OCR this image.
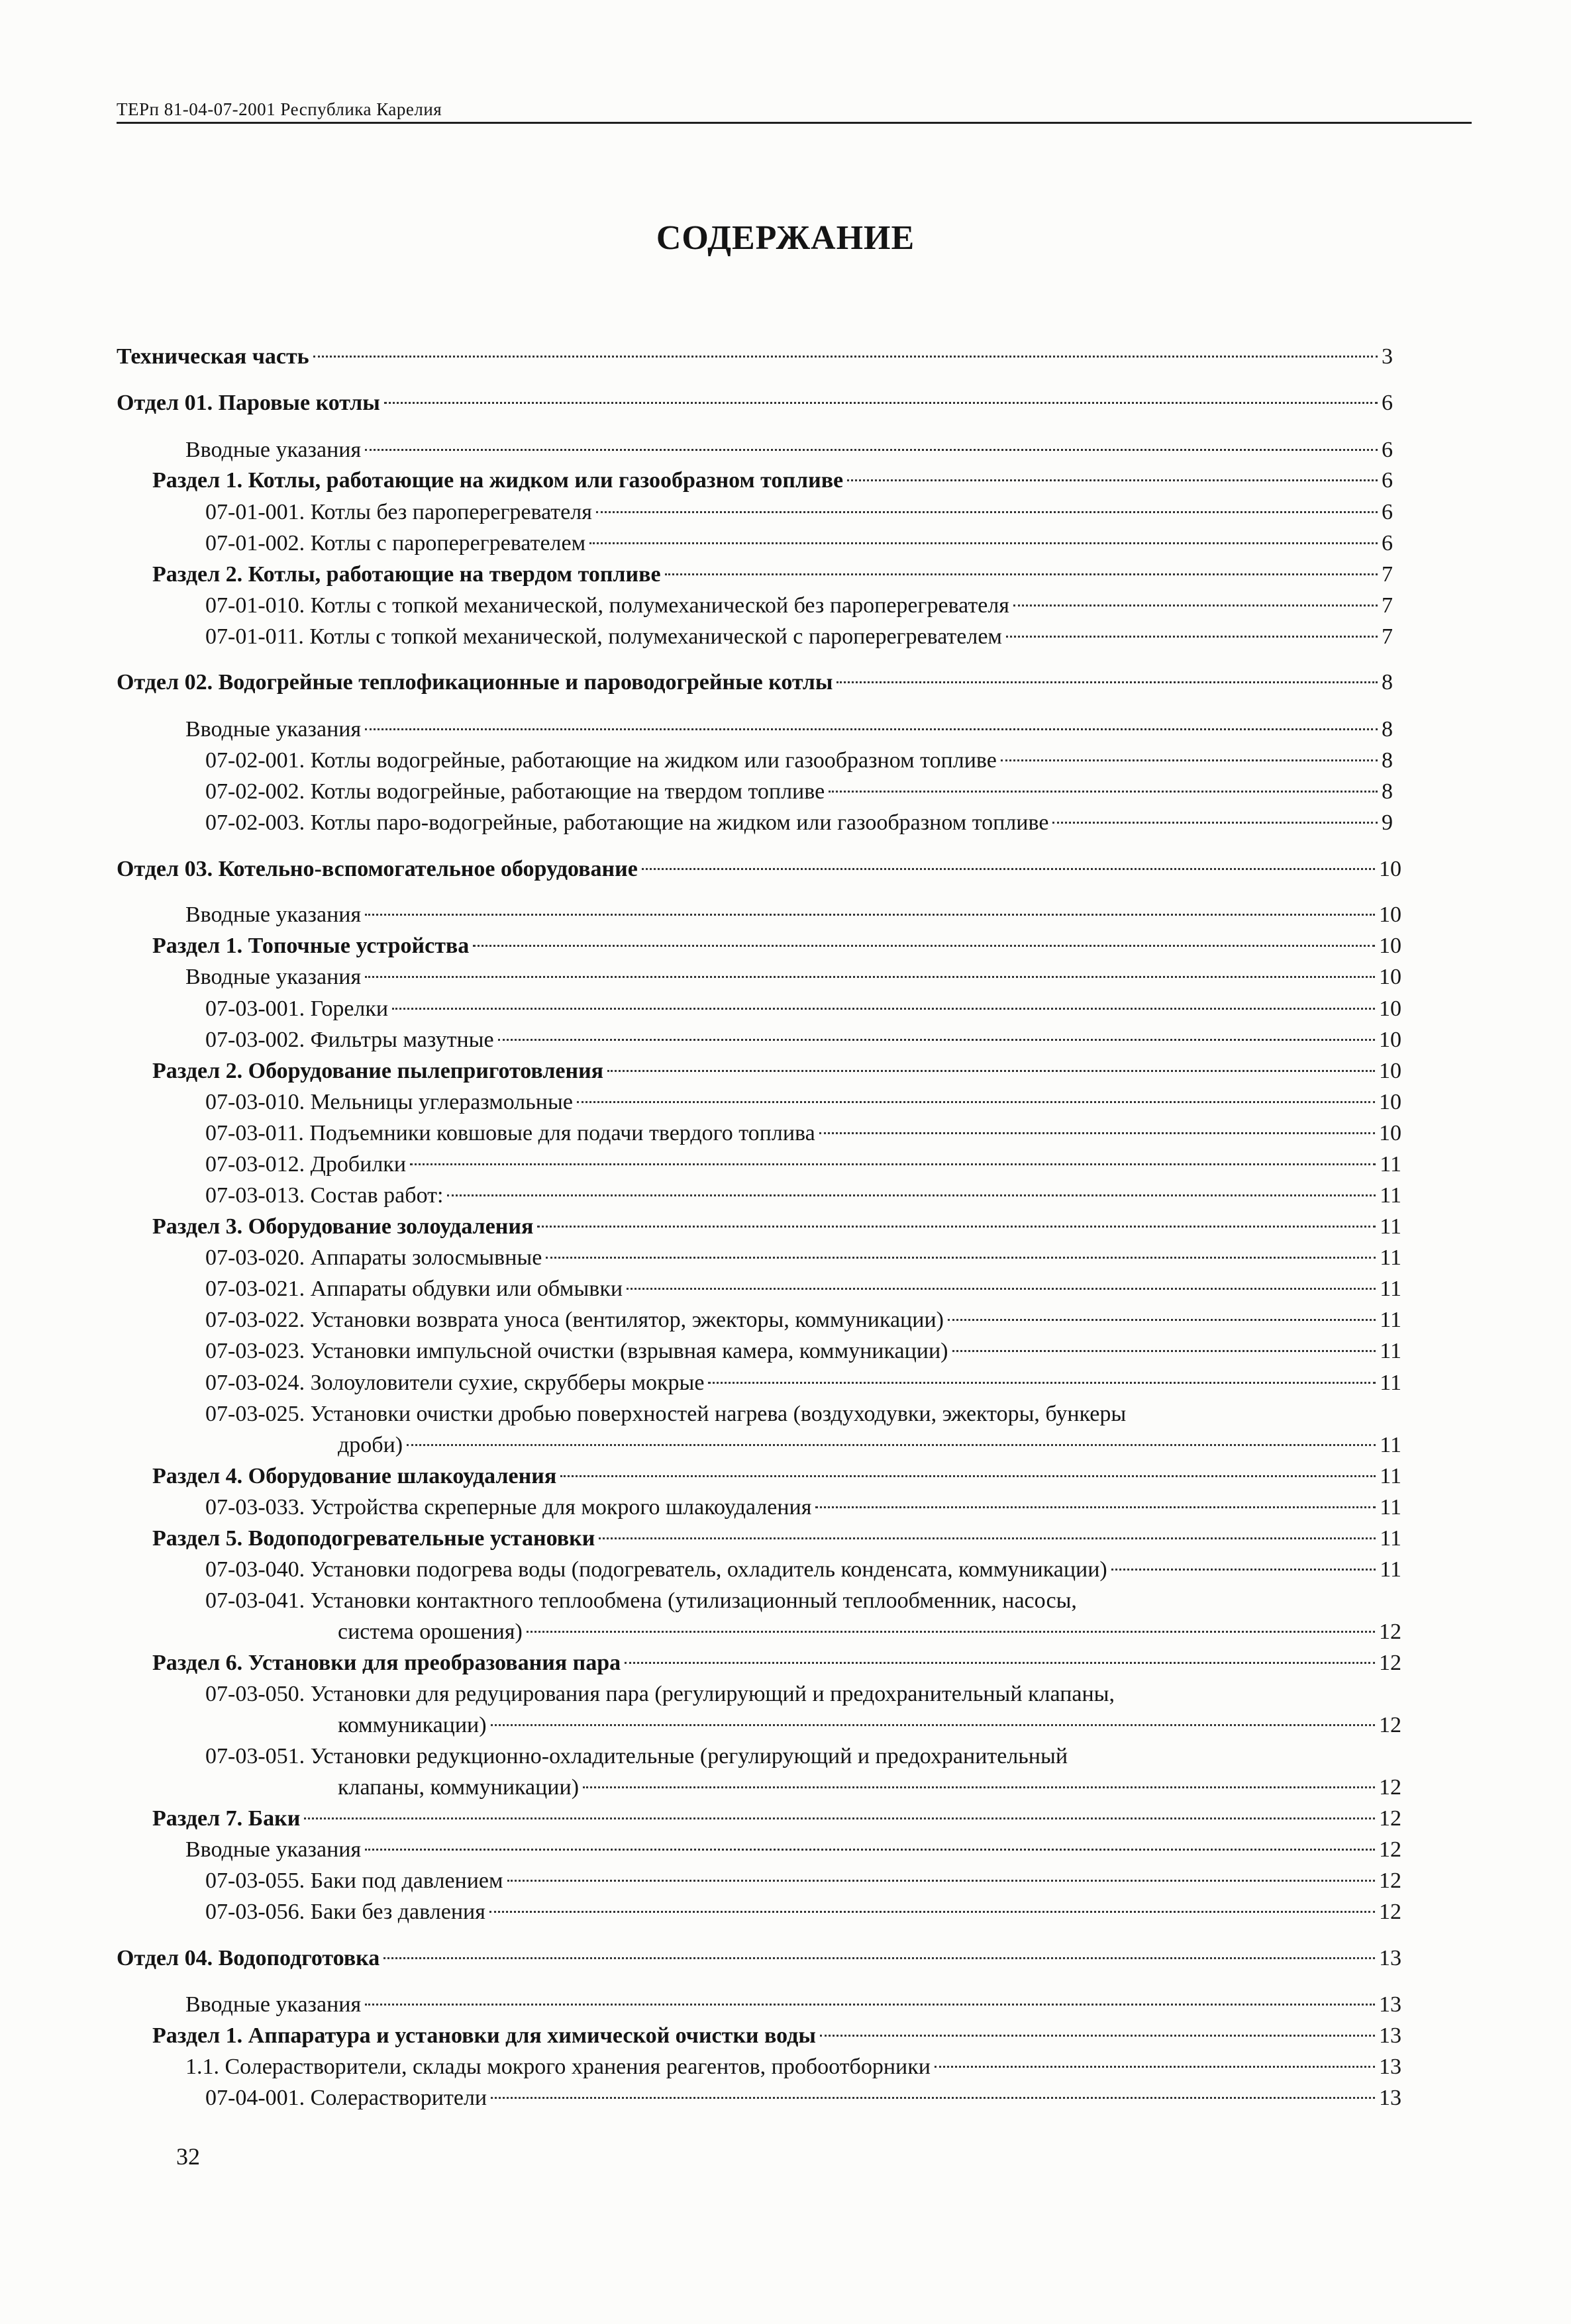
ТЕРп 81-04-07-2001 Республика Карелия
СОДЕРЖАНИЕ
Техническая часть	3
Отдел 01. Паровые котлы	6
Вводные указания	6
Раздел 1. Котлы, работающие на жидком или газообразном топливе	6
07-01-001. Котлы без пароперегревателя	6
07-01-002. Котлы с пароперегревателем	6
Раздел 2. Котлы, работающие на твердом топливе	7
07-01-010. Котлы с топкой механической, полумеханической без пароперегревателя	7
07-01-011. Котлы с топкой механической, полумеханической с пароперегревателем	7
Отдел 02. Водогрейные теплофикационные и пароводогрейные котлы	8
Вводные указания	8
07-02-001. Котлы водогрейные, работающие на жидком или газообразном топливе	8
07-02-002. Котлы водогрейные, работающие на твердом топливе	8
07-02-003. Котлы паро-водогрейные, работающие на жидком или газообразном топливе	9
Отдел 03. Котельно-вспомогательное оборудование	10
Вводные указания	10
Раздел 1. Топочные устройства	10
Вводные указания	10
07-03-001. Горелки	10
07-03-002. Фильтры мазутные	10
Раздел 2. Оборудование пылеприготовления	10
07-03-010. Мельницы углеразмольные	10
07-03-011. Подъемники ковшовые для подачи твердого топлива	10
07-03-012. Дробилки	11
07-03-013. Состав работ:	11
Раздел 3. Оборудование золоудаления	11
07-03-020. Аппараты золосмывные	11
07-03-021. Аппараты обдувки или обмывки	11
07-03-022. Установки возврата уноса (вентилятор, эжекторы, коммуникации)	11
07-03-023. Установки импульсной очистки (взрывная камера, коммуникации)	11
07-03-024. Золоуловители сухие, скрубберы мокрые	11
07-03-025. Установки очистки дробью поверхностей нагрева (воздуходувки, эжекторы, бункеры
дроби)	11
Раздел 4. Оборудование шлакоудаления	11
07-03-033. Устройства скреперные для мокрого шлакоудаления	11
Раздел 5. Водоподогревательные установки	11
07-03-040. Установки подогрева воды (подогреватель, охладитель конденсата, коммуникации)	11
07-03-041. Установки контактного теплообмена (утилизационный теплообменник, насосы,
система орошения)	12
Раздел 6. Установки для преобразования пара	12
07-03-050. Установки для редуцирования пара (регулирующий и предохранительный клапаны,
коммуникации)	12
07-03-051. Установки редукционно-охладительные (регулирующий и предохранительный
клапаны, коммуникации)	12
Раздел 7. Баки	12
Вводные указания	12
07-03-055. Баки под давлением	12
07-03-056. Баки без давления	12
Отдел 04. Водоподготовка	13
Вводные указания	13
Раздел 1. Аппаратура и установки для химической очистки воды	13
1.1. Солерастворители, склады мокрого хранения реагентов, пробоотборники	13
07-04-001. Солерастворители	13
32
